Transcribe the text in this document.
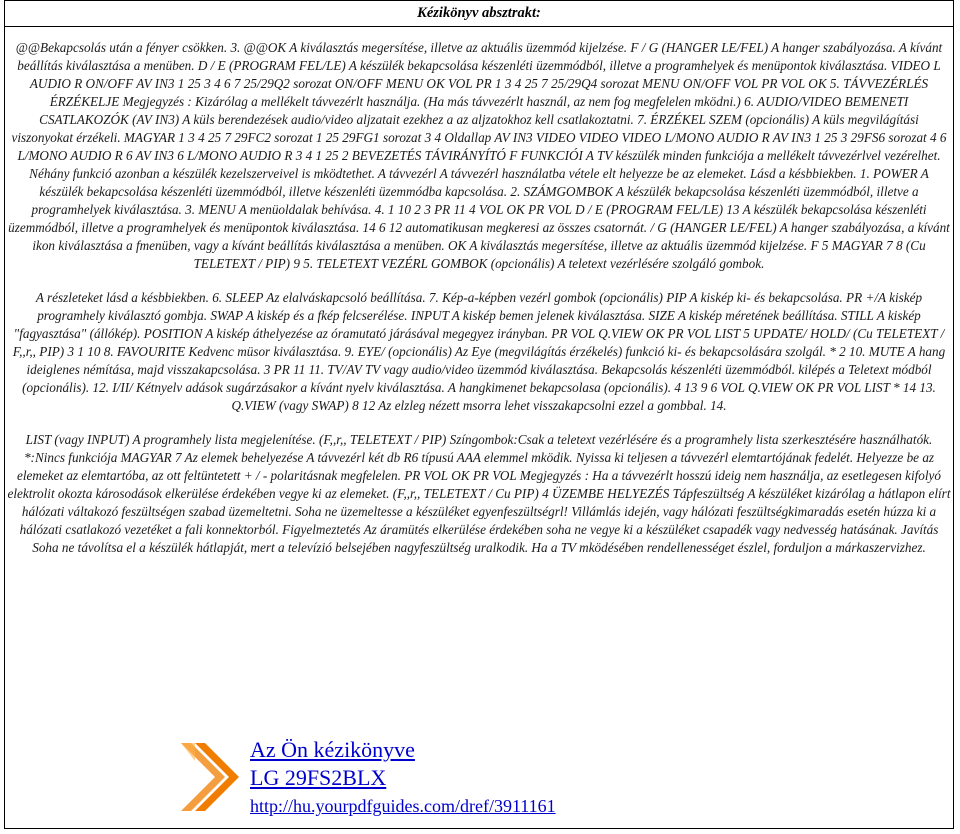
Kézikönyv absztrakt:

@@Bekapcsolás után a fényer csökken. 3. @@OK A kiválasztás megersítése, illetve az aktuális üzemmód kijelzése. F / G (HANGER LE/FEL) A hanger szabályozása. A kívánt beállítás kiválasztása a menüben. D / E (PROGRAM FEL/LE) A készülék bekapcsolása készenléti üzemmódból, illetve a programhelyek és menüpontok kiválasztása. VIDEO L AUDIO R ON/OFF AV IN3 1 25 3 4 6 7 25/29Q2 sorozat ON/OFF MENU OK VOL PR 1 3 4 25 7 25/29Q4 sorozat MENU ON/OFF VOL PR VOL OK 5. TÁVVEZÉRLÉS ÉRZÉKELJE Megjegyzés : Kizárólag a mellékelt távvezérlt használja. (Ha más távvezérlt használ, az nem fog megfelelen mködni.) 6. AUDIO/VIDEO BEMENETI CSATLAKOZÓK (AV IN3) A küls berendezések audio/video aljzatait ezekhez a az aljzatokhoz kell csatlakoztatni. 7. ÉRZÉKEL SZEM (opcionális) A küls megvilágítási viszonyokat érzékeli. MAGYAR 1 3 4 25 7 29FC2 sorozat 1 25 29FG1 sorozat 3 4 Oldallap AV IN3 VIDEO VIDEO VIDEO L/MONO AUDIO R AV IN3 1 25 3 29FS6 sorozat 4 6 L/MONO AUDIO R 6 AV IN3 6 L/MONO AUDIO R 3 4 1 25 2 BEVEZETÉS TÁVIRÁNYÍTÓ F FUNKCIÓI A TV készülék minden funkciója a mellékelt távvezérlvel vezérelhet. Néhány funkció azonban a készülék kezelszerveivel is mködtethet. A távvezérl A távvezérl használatba vétele elt helyezze be az elemeket. Lásd a késbbiekben. 1. POWER A készülék bekapcsolása készenléti üzemmódból, illetve készenléti üzemmódba kapcsolása. 2. SZÁMGOMBOK A készülék bekapcsolása készenléti üzemmódból, illetve a programhelyek kiválasztása. 3. MENU A menüoldalak behívása. 4. 1 10 2 3 PR 11 4 VOL OK PR VOL D / E (PROGRAM FEL/LE) 13 A készülék bekapcsolása készenléti üzemmódból, illetve a programhelyek és menüpontok kiválasztása. 14 6 12 automatikusan megkeresi az összes csatornát. / G (HANGER LE/FEL) A hanger szabályozása, a kívánt ikon kiválasztása a fmenüben, vagy a kívánt beállítás kiválasztása a menüben. OK A kiválasztás megersítése, illetve az aktuális üzemmód kijelzése. F 5 MAGYAR 7 8 (Cu TELETEXT / PIP) 9 5. TELETEXT VEZÉRL GOMBOK (opcionális) A teletext vezérlésére szolgáló gombok.

A részleteket lásd a késbbiekben. 6. SLEEP Az elalváskapcsoló beállítása. 7. Kép-a-képben vezérl gombok (opcionális) PIP A kiskép ki- és bekapcsolása. PR +/A kiskép programhely kiválasztó gombja. SWAP A kiskép és a fkép felcserélése. INPUT A kiskép bemen jelenek kiválasztása. SIZE A kiskép méretének beállítása. STILL A kiskép "fagyasztása" (állókép). POSITION A kiskép áthelyezése az óramutató járásával megegyez irányban. PR VOL Q.VIEW OK PR VOL LIST 5 UPDATE/ HOLD/ (Cu TELETEXT / F,,r,, PIP) 3 1 10 8. FAVOURITE Kedvenc müsor kiválasztása. 9. EYE/ (opcionális) Az Eye (megvilágítás érzékelés) funkció ki- és bekapcsolására szolgál. * 2 10. MUTE A hang ideiglenes némítása, majd visszakapcsolása. 3 PR 11 11. TV/AV TV vagy audio/video üzemmód kiválasztása. Bekapcsolás készenléti üzemmódból. kilépés a Teletext módból (opcionális). 12. I/II/ Kétnyelv adások sugárzásakor a kívánt nyelv kiválasztása. A hangkimenet bekapcsolasa (opcionális). 4 13 9 6 VOL Q.VIEW OK PR VOL LIST * 14 13. Q.VIEW (vagy SWAP) 8 12 Az elzleg nézett msorra lehet visszakapcsolni ezzel a gombbal. 14.

LIST (vagy INPUT) A programhely lista megjelenítése. (F,,r,, TELETEXT / PIP) Színgombok:Csak a teletext vezérlésére és a programhely lista szerkesztésére használhatók. *:Nincs funkciója MAGYAR 7 Az elemek behelyezése A távvezérl két db R6 típusú AAA elemmel mködik. Nyissa ki teljesen a távvezérl elemtartójának fedelét. Helyezze be az elemeket az elemtartóba, az ott feltüntetett + / - polaritásnak megfelelen. PR VOL OK PR VOL Megjegyzés : Ha a távvezérlt hosszú ideig nem használja, az esetlegesen kifolyó elektrolit okozta károsodások elkerülése érdekében vegye ki az elemeket. (F,,r,, TELETEXT / Cu PIP) 4 ÜZEMBE HELYEZÉS Tápfeszültség A készüléket kizárólag a hátlapon elírt hálózati váltakozó feszültségen szabad üzemeltetni. Soha ne üzemeltesse a készüléket egyenfeszültségrl! Villámlás idején, vagy hálózati feszültségkimaradás esetén húzza ki a hálózati csatlakozó vezetéket a fali konnektorból. Figyelmeztetés Az áramütés elkerülése érdekében soha ne vegye ki a készüléket csapadék vagy nedvesség hatásának. Javítás Soha ne távolítsa el a készülék hátlapját, mert a televízió belsejében nagyfeszültség uralkodik. Ha a TV mködésében rendellenességet észlel, forduljon a márkaszervizhez.

Az Ön kézikönyve
LG 29FS2BLX
http://hu.yourpdfguides.com/dref/3911161
